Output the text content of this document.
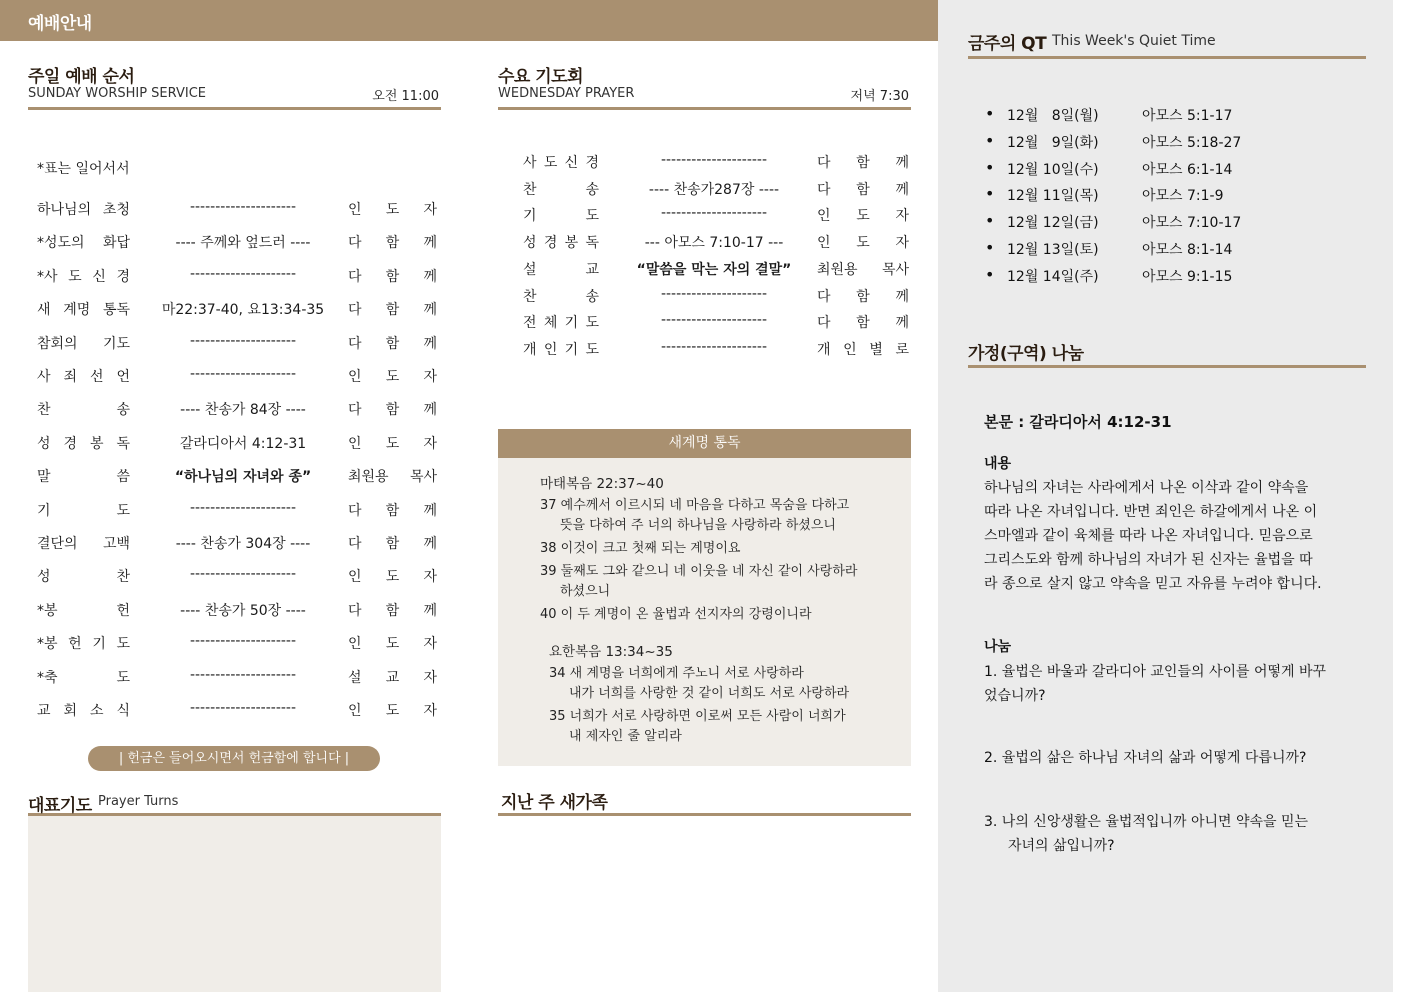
예배안내
주일 예배 순서
SUNDAY WORSHIP SERVICE	오전 11:00
*표는 일어서서
하나님의 초청	---------------------	인 도 자
*성도의 화답	---- 주께와 엎드러 ----	다 함 께
*사 도 신 경	---------------------	다 함 께
새 계명 통독	마22:37-40, 요13:34-35	다 함 께
참회의 기도	---------------------	다 함 께
사 죄 선 언	---------------------	인 도 자
찬 송	---- 찬송가 84장 ----	다 함 께
성 경 봉 독	갈라디아서 4:12-31	인 도 자
말 씀	“하나님의 자녀와 종”	최원용 목사
기 도	---------------------	다 함 께
결단의 고백	---- 찬송가 304장 ----	다 함 께
성 찬	---------------------	인 도 자
*봉 헌	---- 찬송가 50장 ----	다 함 께
*봉 헌 기 도	---------------------	인 도 자
*축 도	---------------------	설 교 자
교 회 소 식	---------------------	인 도 자
| 헌금은 들어오시면서 헌금함에 합니다 |
대표기도 Prayer Turns
수요 기도회
WEDNESDAY PRAYER	저녁 7:30
사 도 신 경	---------------------	다 함 께
찬 송	---- 찬송가287장 ----	다 함 께
기 도	---------------------	인 도 자
성 경 봉 독	--- 아모스 7:10-17 ---	인 도 자
설 교	“말씀을 막는 자의 결말”	최원용 목사
찬 송	---------------------	다 함 께
전 체 기 도	---------------------	다 함 께
개 인 기 도	---------------------	개 인 별 로
새계명 통독
마태복음 22:37~40
37 예수께서 이르시되 네 마음을 다하고 목숨을 다하고
뜻을 다하여 주 너의 하나님을 사랑하라 하셨으니
38 이것이 크고 첫째 되는 계명이요
39 둘째도 그와 같으니 네 이웃을 네 자신 같이 사랑하라
하셨으니
40 이 두 계명이 온 율법과 선지자의 강령이니라
요한복음 13:34~35
34 새 계명을 너희에게 주노니 서로 사랑하라
내가 너희를 사랑한 것 같이 너희도 서로 사랑하라
35 너희가 서로 사랑하면 이로써 모든 사람이 너희가
내 제자인 줄 알리라
지난 주 새가족
금주의 QT This Week's Quiet Time
• 12월   8일(월)	아모스 5:1-17
• 12월   9일(화)	아모스 5:18-27
• 12월 10일(수)	아모스 6:1-14
• 12월 11일(목)	아모스 7:1-9
• 12월 12일(금)	아모스 7:10-17
• 12월 13일(토)	아모스 8:1-14
• 12월 14일(주)	아모스 9:1-15
가정(구역) 나눔
본문 : 갈라디아서 4:12-31
내용
하나님의 자녀는 사라에게서 나온 이삭과 같이 약속을
따라 나온 자녀입니다. 반면 죄인은 하갈에게서 나온 이
스마엘과 같이 육체를 따라 나온 자녀입니다. 믿음으로
그리스도와 함께 하나님의 자녀가 된 신자는 율법을 따
라 종으로 살지 않고 약속을 믿고 자유를 누려야 합니다.
나눔
1. 율법은 바울과 갈라디아 교인들의 사이를 어떻게 바꾸
었습니까?
2. 율법의 삶은 하나님 자녀의 삶과 어떻게 다릅니까?
3. 나의 신앙생활은 율법적입니까 아니면 약속을 믿는
자녀의 삶입니까?
